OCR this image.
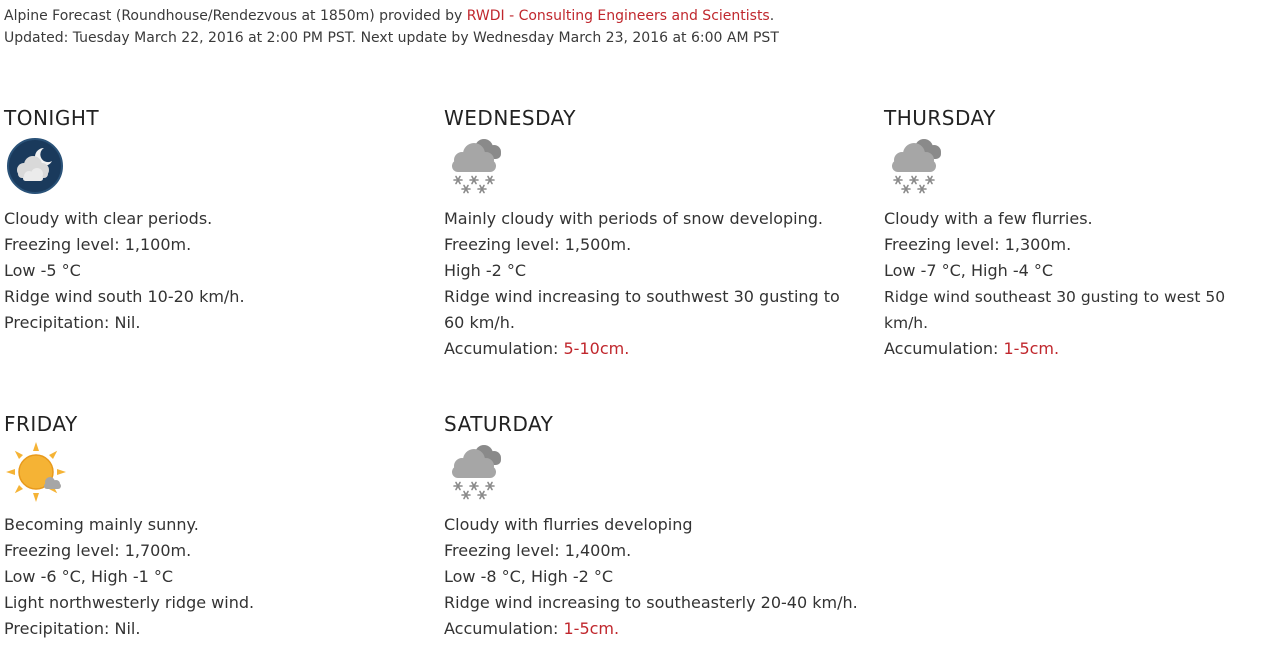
Alpine Forecast (Roundhouse/Rendezvous at 1850m) provided by RWDI - Consulting Engineers and Scientists.
Updated: Tuesday March 22, 2016 at 2:00 PM PST. Next update by Wednesday March 23, 2016 at 6:00 AM PST
TONIGHT
Cloudy with clear periods.
Freezing level: 1,100m.
Low -5 °C
Ridge wind south 10-20 km/h.
Precipitation: Nil.
WEDNESDAY
Mainly cloudy with periods of snow developing.
Freezing level: 1,500m.
High -2 °C
Ridge wind increasing to southwest 30 gusting to 60 km/h.
Accumulation: 5-10cm.
THURSDAY
Cloudy with a few flurries.
Freezing level: 1,300m.
Low -7 °C, High -4 °C
Ridge wind southeast 30 gusting to west 50 km/h.
Accumulation: 1-5cm.
FRIDAY
Becoming mainly sunny.
Freezing level: 1,700m.
Low -6 °C, High -1 °C
Light northwesterly ridge wind.
Precipitation: Nil.
SATURDAY
Cloudy with flurries developing
Freezing level: 1,400m.
Low -8 °C, High -2 °C
Ridge wind increasing to southeasterly 20-40 km/h.
Accumulation: 1-5cm.
